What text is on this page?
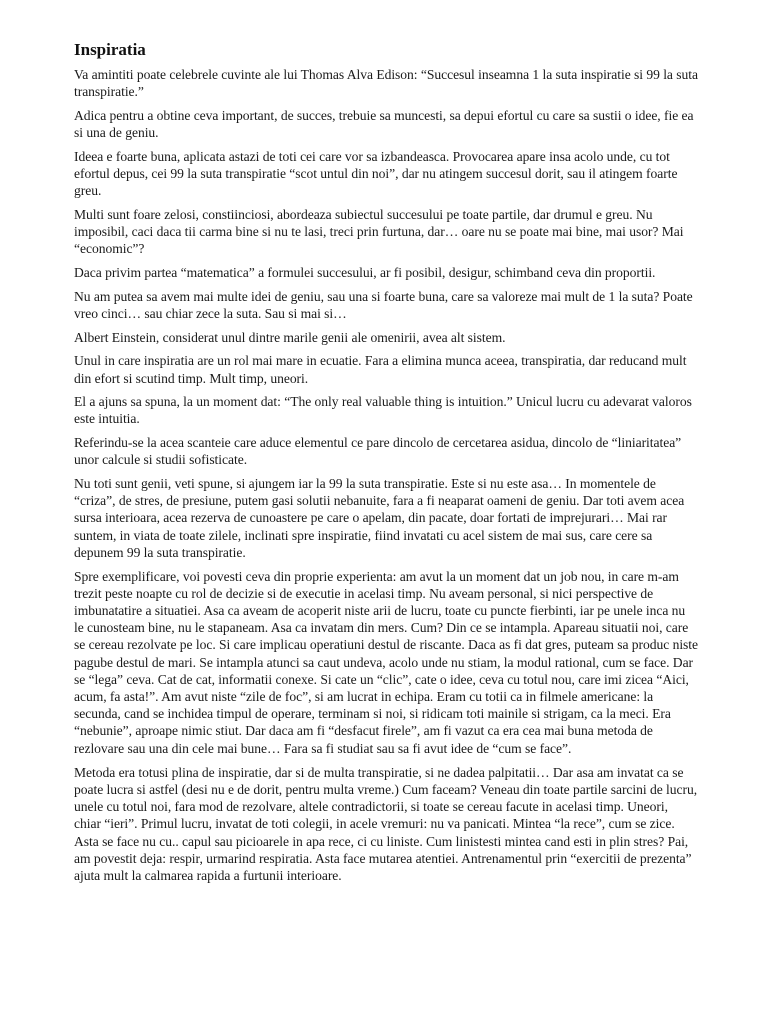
Inspiratia

Va amintiti poate celebrele cuvinte ale lui Thomas Alva Edison: “Succesul inseamna 1 la suta inspiratie si 99 la suta transpiratie.”

Adica pentru a obtine ceva important, de succes, trebuie sa muncesti, sa depui efortul cu care sa sustii o idee, fie ea si una de geniu.

Ideea e foarte buna, aplicata astazi de toti cei care vor sa izbandeasca. Provocarea apare insa acolo unde, cu tot efortul depus, cei 99 la suta transpiratie “scot untul din noi”, dar nu atingem succesul dorit, sau il atingem foarte greu.

Multi sunt foare zelosi, constiinciosi, abordeaza subiectul succesului pe toate partile, dar drumul e greu. Nu imposibil, caci daca tii carma bine si nu te lasi, treci prin furtuna, dar… oare nu se poate mai bine, mai usor? Mai “economic”?

Daca privim partea “matematica” a formulei succesului, ar fi posibil, desigur, schimband ceva din proportii.

Nu am putea sa avem mai multe idei de geniu, sau una si foarte buna, care sa valoreze mai mult de 1 la suta? Poate vreo cinci… sau chiar zece la suta. Sau si mai si…

Albert Einstein, considerat unul dintre marile genii ale omenirii, avea alt sistem.

Unul in care inspiratia are un rol mai mare in ecuatie. Fara a elimina munca aceea, transpiratia, dar reducand mult din efort si scutind timp. Mult timp, uneori.

El a ajuns sa spuna, la un moment dat: “The only real valuable thing is intuition.” Unicul lucru cu adevarat valoros este intuitia.

Referindu-se la acea scanteie care aduce elementul ce pare dincolo de cercetarea asidua, dincolo de “liniaritatea” unor calcule si studii sofisticate.

Nu toti sunt genii, veti spune, si ajungem iar la 99 la suta transpiratie. Este si nu este asa… In momentele de “criza”, de stres, de presiune, putem gasi solutii nebanuite, fara a fi neaparat oameni de geniu. Dar toti avem acea sursa interioara, acea rezerva de cunoastere pe care o apelam, din pacate, doar fortati de imprejurari… Mai rar suntem, in viata de toate zilele, inclinati spre inspiratie, fiind invatati cu acel sistem de mai sus, care cere sa depunem 99 la suta transpiratie.

Spre exemplificare, voi povesti ceva din proprie experienta: am avut la un moment dat un job nou, in care m-am trezit peste noapte cu rol de decizie si de executie in acelasi timp. Nu aveam personal, si nici perspective de imbunatatire a situatiei. Asa ca aveam de acoperit niste arii de lucru, toate cu puncte fierbinti, iar pe unele inca nu le cunosteam bine, nu le stapaneam. Asa ca invatam din mers. Cum? Din ce se intampla. Apareau situatii noi, care se cereau rezolvate pe loc. Si care implicau operatiuni destul de riscante. Daca as fi dat gres, puteam sa produc niste pagube destul de mari. Se intampla atunci sa caut undeva, acolo unde nu stiam, la modul rational, cum se face. Dar se “lega” ceva. Cat de cat, informatii conexe. Si cate un “clic”, cate o idee, ceva cu totul nou, care imi zicea “Aici, acum, fa asta!”. Am avut niste “zile de foc”, si am lucrat in echipa. Eram cu totii ca in filmele americane: la secunda, cand se inchidea timpul de operare, terminam si noi, si ridicam toti mainile si strigam, ca la meci. Era “nebunie”, aproape nimic stiut. Dar daca am fi “desfacut firele”, am fi vazut ca era cea mai buna metoda de rezlovare sau una din cele mai bune… Fara sa fi studiat sau sa fi avut idee de “cum se face”.

Metoda era totusi plina de inspiratie, dar si de multa transpiratie, si ne dadea palpitatii… Dar asa am invatat ca se poate lucra si astfel (desi nu e de dorit, pentru multa vreme.) Cum faceam? Veneau din toate partile sarcini de lucru, unele cu totul noi, fara mod de rezolvare, altele contradictorii, si toate se cereau facute in acelasi timp. Uneori, chiar “ieri”. Primul lucru, invatat de toti colegii, in acele vremuri: nu va panicati. Mintea “la rece”, cum se zice. Asta se face nu cu.. capul sau picioarele in apa rece, ci cu liniste. Cum linistesti mintea cand esti in plin stres? Pai, am povestit deja: respir, urmarind respiratia. Asta face mutarea atentiei. Antrenamentul prin “exercitii de prezenta” ajuta mult la calmarea rapida a furtunii interioare.
